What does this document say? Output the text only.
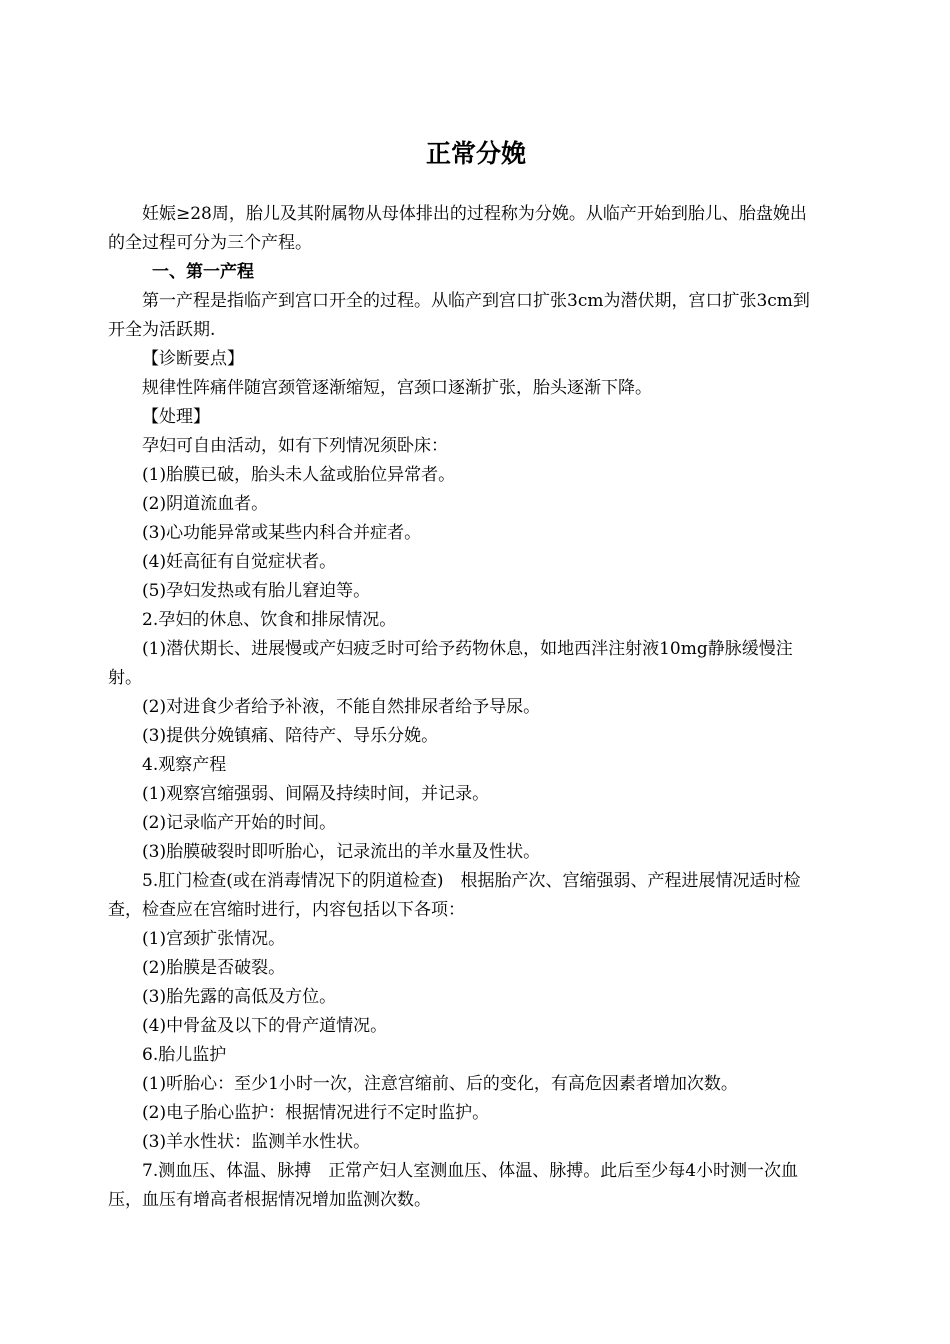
正常分娩

妊娠≥28周，胎儿及其附属物从母体排出的过程称为分娩。从临产开始到胎儿、胎盘娩出的全过程可分为三个产程。

一、第一产程

第一产程是指临产到宫口开全的过程。从临产到宫口扩张3cm为潜伏期，宫口扩张3cm到开全为活跃期.

【诊断要点】

规律性阵痛伴随宫颈管逐渐缩短，宫颈口逐渐扩张，胎头逐渐下降。

【处理】

孕妇可自由活动，如有下列情况须卧床：

(1)胎膜已破，胎头未人盆或胎位异常者。

(2)阴道流血者。

(3)心功能异常或某些内科合并症者。

(4)妊高征有自觉症状者。

(5)孕妇发热或有胎儿窘迫等。

2.孕妇的休息、饮食和排尿情况。

(1)潜伏期长、进展慢或产妇疲乏时可给予药物休息，如地西泮注射液10mg静脉缓慢注射。

(2)对进食少者给予补液，不能自然排尿者给予导尿。

(3)提供分娩镇痛、陪待产、导乐分娩。

4.观察产程

(1)观察宫缩强弱、间隔及持续时间，并记录。

(2)记录临产开始的时间。

(3)胎膜破裂时即听胎心，记录流出的羊水量及性状。

5.肛门检查(或在消毒情况下的阴道检查)　根据胎产次、宫缩强弱、产程进展情况适时检查，检查应在宫缩时进行，内容包括以下各项：

(1)宫颈扩张情况。

(2)胎膜是否破裂。

(3)胎先露的高低及方位。

(4)中骨盆及以下的骨产道情况。

6.胎儿监护

(1)听胎心：至少1小时一次，注意宫缩前、后的变化，有高危因素者增加次数。

(2)电子胎心监护：根据情况进行不定时监护。

(3)羊水性状：监测羊水性状。

7.测血压、体温、脉搏　正常产妇人室测血压、体温、脉搏。此后至少每4小时测一次血压，血压有增高者根据情况增加监测次数。
